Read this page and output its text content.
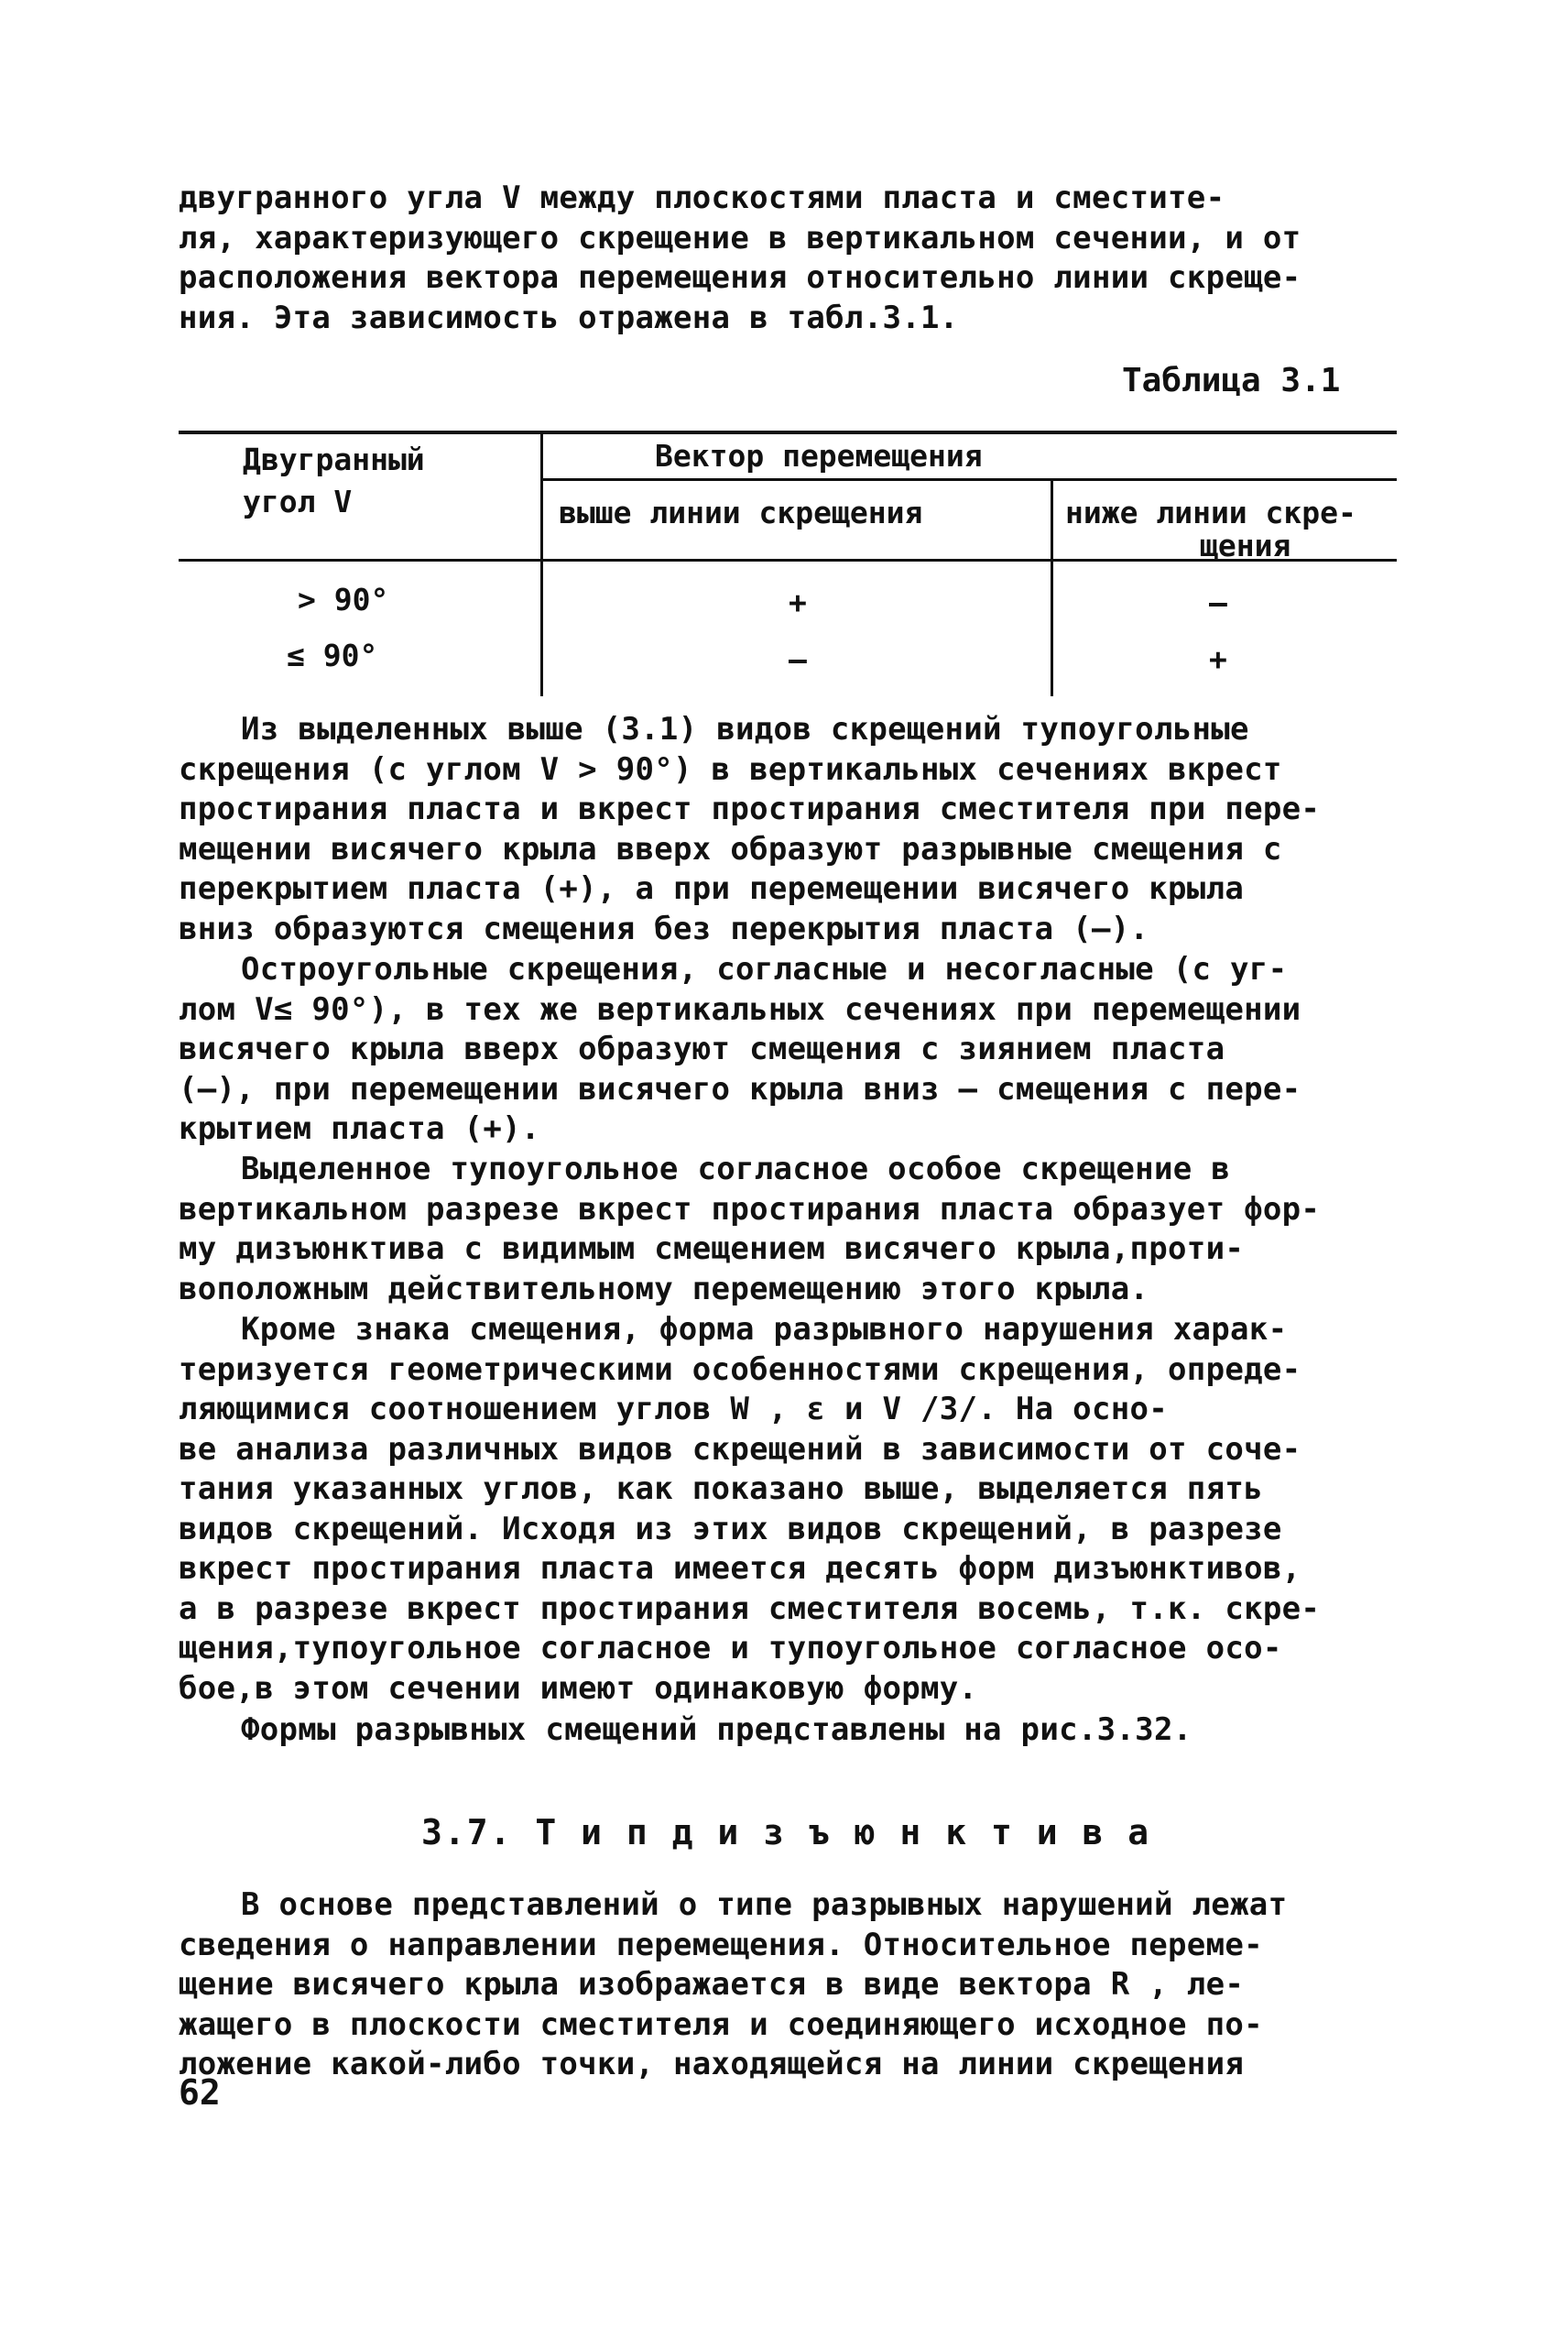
двугранного угла V между плоскостями пласта и сместите-
ля, характеризующего скрещение в вертикальном сечении, и от
расположения вектора перемещения относительно линии скреще-
ния. Эта зависимость отражена в табл.3.1.
Таблица 3.1
Двугранный
угол V
Вектор перемещения
выше линии скрещения	ниже линии скре-
щения
> 90°	+	–
≤ 90°	–	+
Из выделенных выше (3.1) видов скрещений тупоугольные
скрещения (с углом V > 90°) в вертикальных сечениях вкрест
простирания пласта и вкрест простирания сместителя при пере-
мещении висячего крыла вверх образуют разрывные смещения с
перекрытием пласта (+), а при перемещении висячего крыла
вниз образуются смещения без перекрытия пласта (–).
Остроугольные скрещения, согласные и несогласные (с уг-
лом V≤ 90°), в тех же вертикальных сечениях при перемещении
висячего крыла вверх образуют смещения с зиянием пласта
(–), при перемещении висячего крыла вниз – смещения с пере-
крытием пласта (+).
Выделенное тупоугольное согласное особое скрещение в
вертикальном разрезе вкрест простирания пласта образует фор-
му дизъюнктива с видимым смещением висячего крыла,проти-
воположным действительному перемещению этого крыла.
Кроме знака смещения, форма разрывного нарушения харак-
теризуется геометрическими особенностями скрещения, опреде-
ляющимися соотношением углов W , ε и V /3/. На осно-
ве анализа различных видов скрещений в зависимости от соче-
тания указанных углов, как показано выше, выделяется пять
видов скрещений. Исходя из этих видов скрещений, в разрезе
вкрест простирания пласта имеется десять форм дизъюнктивов,
а в разрезе вкрест простирания сместителя восемь, т.к. скре-
щения,тупоугольное согласное и тупоугольное согласное осо-
бое,в этом сечении имеют одинаковую форму.
Формы разрывных смещений представлены на рис.3.32.
3.7. Т и п д и з ъ ю н к т и в а
В основе представлений о типе разрывных нарушений лежат
сведения о направлении перемещения. Относительное переме-
щение висячего крыла изображается в виде вектора R , ле-
жащего в плоскости сместителя и соединяющего исходное по-
ложение какой-либо точки, находящейся на линии скрещения
62
